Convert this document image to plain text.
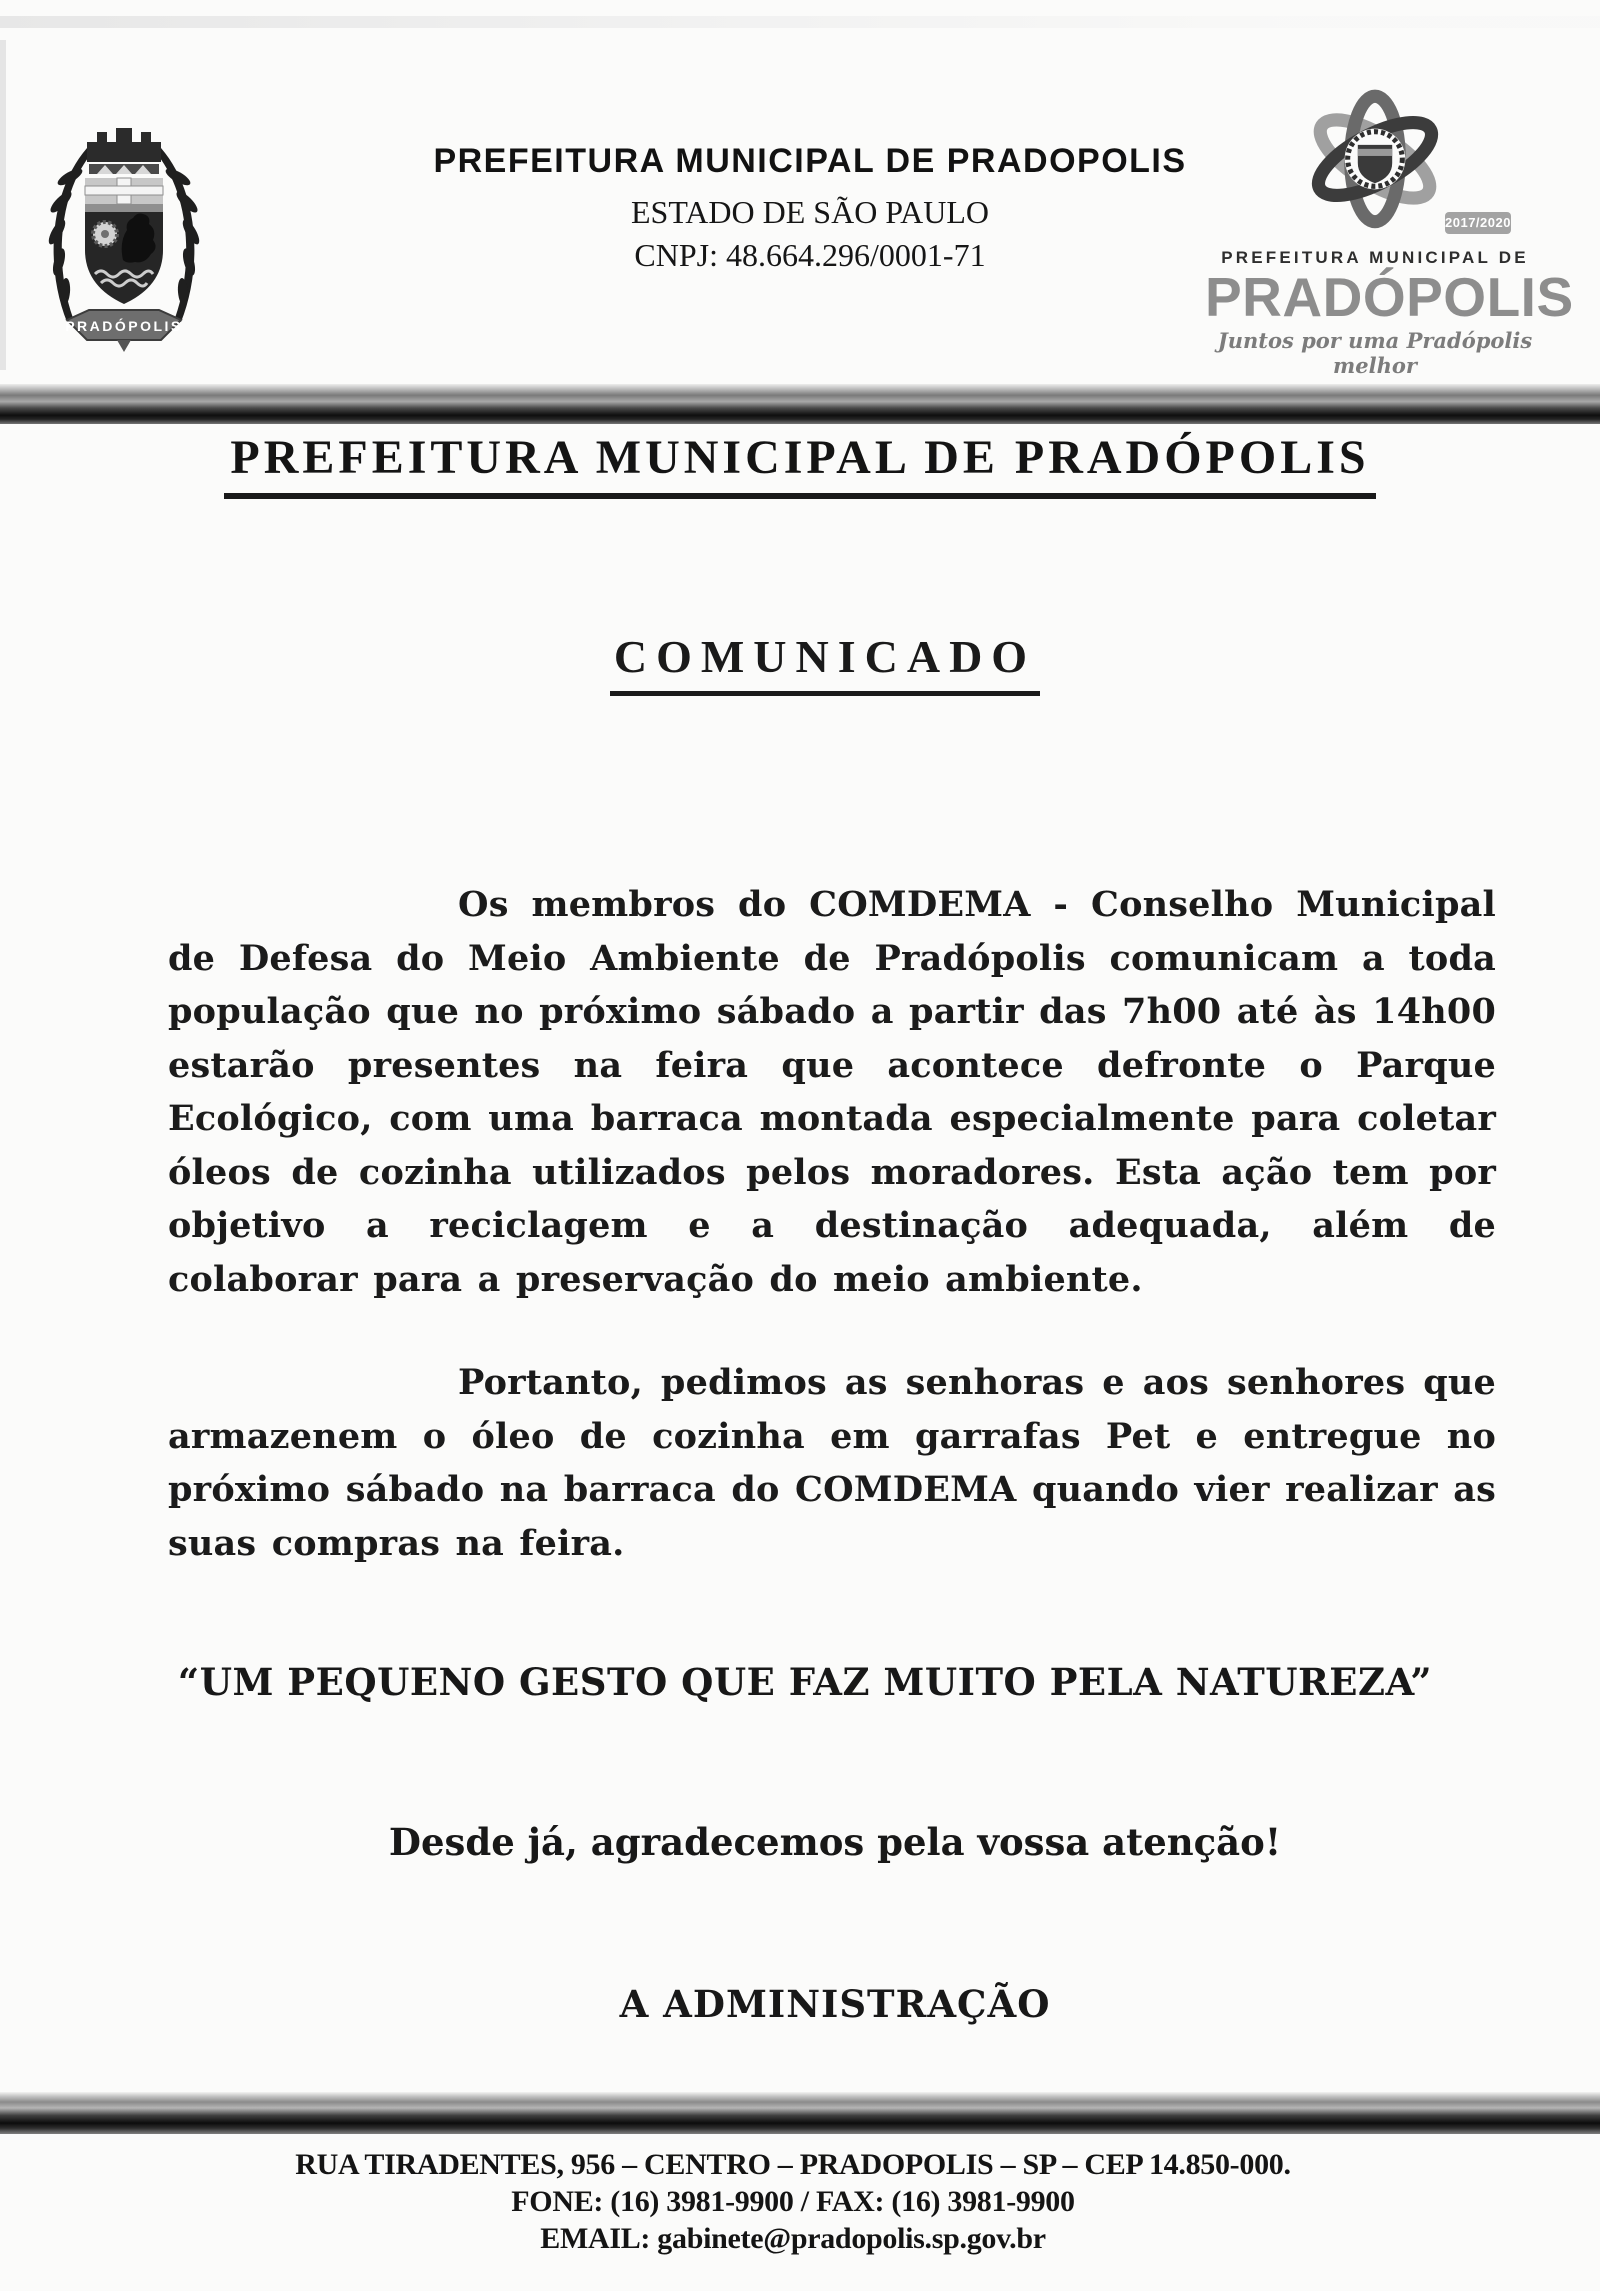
PRADÓPOLIS
PREFEITURA MUNICIPAL DE PRADOPOLIS
ESTADO DE SÃO PAULO
CNPJ: 48.664.296/0001-71
2017/2020
PREFEITURA MUNICIPAL DE
PRADÓPOLIS
Juntos por uma Pradópolis melhor
PREFEITURA MUNICIPAL DE PRADÓPOLIS
COMUNICADO

Os membros do COMDEMA - Conselho Municipal de Defesa do Meio Ambiente de Pradópolis comunicam a toda população que no próximo sábado a partir das 7h00 até às 14h00 estarão presentes na feira que acontece defronte o Parque Ecológico, com uma barraca montada especialmente para coletar óleos de cozinha utilizados pelos moradores. Esta ação tem por objetivo a reciclagem e a destinação adequada, além de colaborar para a preservação do meio ambiente.

Portanto, pedimos as senhoras e aos senhores que armazenem o óleo de cozinha em garrafas Pet e entregue no próximo sábado na barraca do COMDEMA quando vier realizar as suas compras na feira.

“UM PEQUENO GESTO QUE FAZ MUITO PELA NATUREZA”
Desde já, agradecemos pela vossa atenção!
A ADMINISTRAÇÃO
RUA TIRADENTES, 956 – CENTRO – PRADOPOLIS – SP – CEP 14.850-000.
FONE: (16) 3981-9900 / FAX: (16) 3981-9900
EMAIL: gabinete@pradopolis.sp.gov.br
